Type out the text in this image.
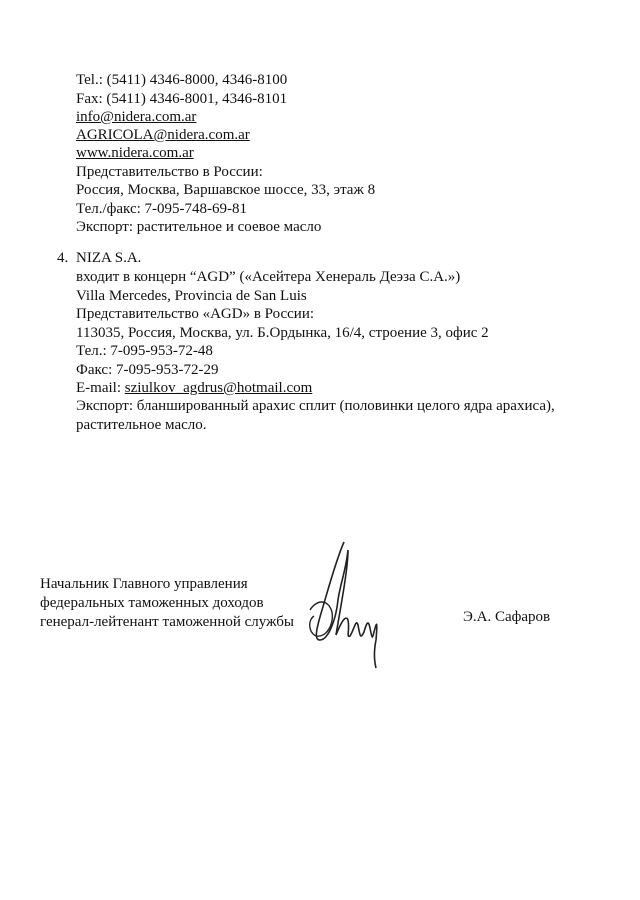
Tel.: (5411) 4346-8000, 4346-8100
Fax: (5411) 4346-8001, 4346-8101
info@nidera.com.ar
AGRICOLA@nidera.com.ar
www.nidera.com.ar
Представительство в России:
Россия, Москва, Варшавское шоссе, 33, этаж 8
Тел./факс: 7-095-748-69-81
Экспорт: растительное и соевое масло
4. NIZA S.A.
входит в концерн “AGD” («Асейтера Хенераль Деэза С.А.»)
Villa Mercedes, Provincia de San Luis
Представительство «AGD» в России:
113035, Россия, Москва, ул. Б.Ордынка, 16/4, строение 3, офис 2
Тел.: 7-095-953-72-48
Факс: 7-095-953-72-29
E-mail: sziulkov_agdrus@hotmail.com
Экспорт: бланшированный арахис сплит (половинки целого ядра арахиса),
растительное масло.
Начальник Главного управления
федеральных таможенных доходов
генерал-лейтенант таможенной службы	Э.А. Сафаров
